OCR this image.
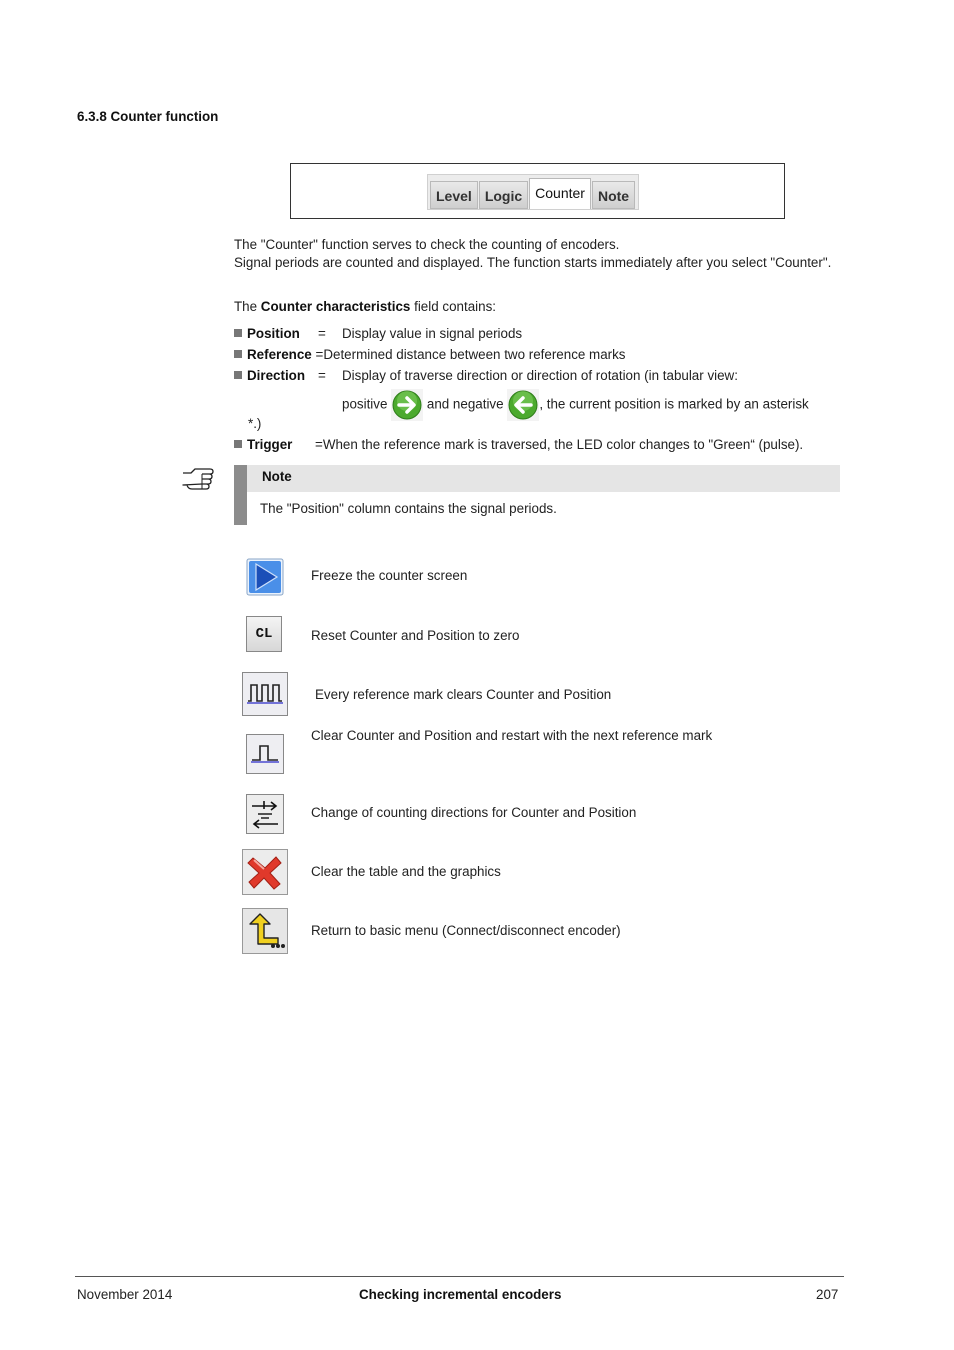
6.3.8 Counter function
Level Logic Counter Note
The "Counter" function serves to check the counting of encoders.
Signal periods are counted and displayed. The function starts immediately after you select "Counter".
The Counter characteristics field contains:
Position = Display value in signal periods
Reference =Determined distance between two reference marks
Direction = Display of traverse direction or direction of rotation (in tabular view:
positive	and negative	, the current position is marked by an asterisk
*.)
Trigger =When the reference mark is traversed, the LED color changes to "Green“ (pulse).
Note
The "Position" column contains the signal periods.
Freeze the counter screen
CL	Reset Counter and Position to zero
Every reference mark clears Counter and Position
Clear Counter and Position and restart with the next reference mark
Change of counting directions for Counter and Position
Clear the table and the graphics
Return to basic menu (Connect/disconnect encoder)
November 2014	Checking incremental encoders	207
